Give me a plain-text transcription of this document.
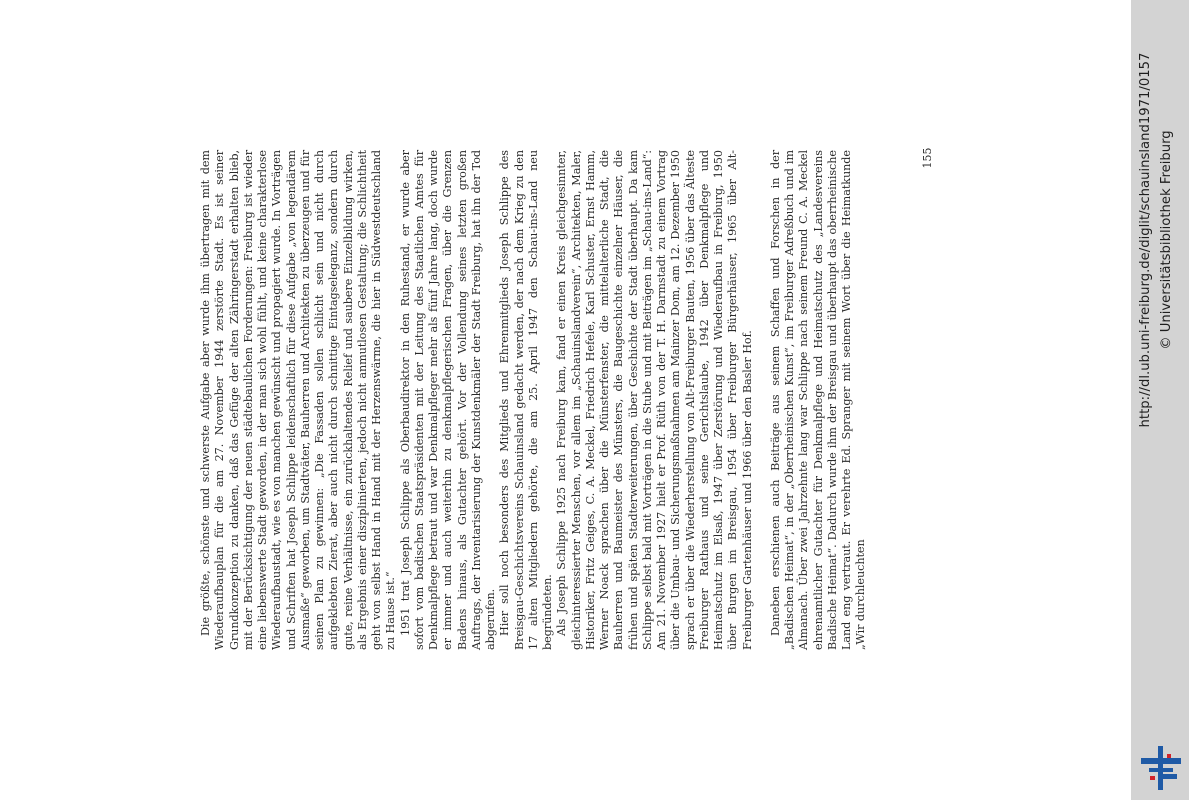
Die größte, schönste und schwerste Aufgabe aber wurde ihm übertragen mit dem Wiederaufbauplan für die am 27. November 1944 zerstörte Stadt. Es ist seiner Grundkonzeption zu danken, daß das Gefüge der alten Zähringerstadt erhalten blieb, mit der Berücksichtigung der neuen städtebaulichen Forderungen: Freiburg ist wieder eine liebenswerte Stadt geworden, in der man sich wohl fühlt, und keine charakterlose Wiederaufbaustadt, wie es von manchen gewünscht und propagiert wurde. In Vorträgen und Schriften hat Joseph Schlippe leidenschaftlich für diese Aufgabe „von legendärem Ausmaße“ geworben, um Stadtväter, Bauherren und Architekten zu überzeugen und für seinen Plan zu gewinnen: „Die Fassaden sollen schlicht sein und nicht durch aufgeklebten Zierat, aber auch nicht durch schnittige Eintagseleganz, sondern durch gute, reine Verhältnisse, ein zurückhaltendes Relief und saubere Einzelbildung wirken, als Ergebnis einer disziplinierten, jedoch nicht anmutlosen Gestaltung; die Schlichtheit geht von selbst Hand in Hand mit der Herzenswärme, die hier in Südwestdeutschland zu Hause ist.“ 1951 trat Joseph Schlippe als Oberbaudirektor in den Ruhestand, er wurde aber sofort vom badischen Staatspräsidenten mit der Leitung des Staatlichen Amtes für Denkmalpflege betraut und war Denkmalpfleger mehr als fünf Jahre lang, doch wurde er immer und auch weiterhin zu denkmalpflegerischen Fragen, über die Grenzen Badens hinaus, als Gutachter gehört. Vor der Vollendung seines letzten großen Auftrags, der Inventarisierung der Kunstdenkmäler der Stadt Freiburg, hat ihn der Tod abgerufen. Hier soll noch besonders des Mitglieds und Ehrenmitglieds Joseph Schlippe des Breisgau-Geschichtsvereins Schauinsland gedacht werden, der nach dem Krieg zu den 17 alten Mitgliedern gehörte, die am 25. April 1947 den Schau-ins-Land neu begründeten. Als Joseph Schlippe 1925 nach Freiburg kam, fand er einen Kreis gleichgesinnter, gleichinteressierter Menschen, vor allem im „Schauinslandverein“, Architekten, Maler, Historiker, Fritz Geiges, C. A. Meckel, Friedrich Hefele, Karl Schuster, Ernst Hamm, Werner Noack sprachen über die Münsterfenster, die mittelalterliche Stadt, die Bauherren und Baumeister des Münsters, die Baugeschichte einzelner Häuser, die frühen und späten Stadterweiterungen, über Geschichte der Stadt überhaupt. Da kam Schlippe selbst bald mit Vorträgen in die Stube und mit Beiträgen im „Schau-ins-Land“: Am 21. November 1927 hielt er Prof. Rüth von der T. H. Darmstadt zu einem Vortrag über die Umbau- und Sicherungsmaßnahmen am Mainzer Dom, am 12. Dezember 1950 sprach er über die Wiederherstellung von Alt-Freiburger Bauten, 1956 über das Älteste Freiburger Rathaus und seine Gerichtslaube, 1942 über Denkmalpflege und Heimatschutz im Elsaß, 1947 über Zerstörung und Wiederaufbau in Freiburg, 1950 über Burgen im Breisgau, 1954 über Freiburger Bürgerhäuser, 1965 über Alt-Freiburger Gartenhäuser und 1966 über den Basler Hof. Daneben erschienen auch Beiträge aus seinem Schaffen und Forschen in der „Badischen Heimat“, in der „Oberrheinischen Kunst“, im Freiburger Adreßbuch und im Almanach. Über zwei Jahrzehnte lang war Schlippe nach seinem Freund C. A. Meckel ehrenamtlicher Gutachter für Denkmalpflege und Heimatschutz des „Landesvereins Badische Heimat“. Dadurch wurde ihm der Breisgau und überhaupt das oberrheinische Land eng vertraut. Er verehrte Ed. Spranger mit seinem Wort über die Heimatkunde „Wir durchleuchten

155	http://dl.ub.uni-freiburg.de/diglit/schauinsland1971/0157 © Universitätsbibliothek Freiburg
